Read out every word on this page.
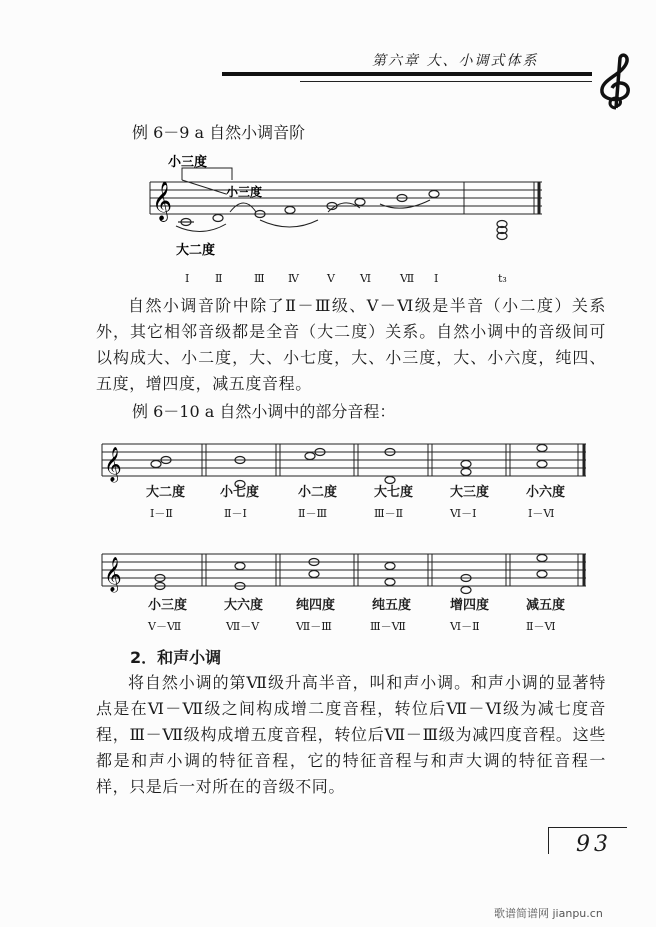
第六章 大、小调式体系
例 6－9 a 自然小调音阶
𝄞
小三度
小三度
大二度
Ⅰ Ⅱ	Ⅲ Ⅳ	Ⅴ Ⅵ	Ⅶ Ⅰ	t₃
自然小调音阶中除了Ⅱ－Ⅲ级、Ⅴ－Ⅵ级是半音（小二度）关系外，其它相邻音级都是全音（大二度）关系。自然小调中的音级间可以构成大、小二度，大、小七度，大、小三度，大、小六度，纯四、五度，增四度，减五度音程。
例 6－10 a 自然小调中的部分音程：
𝄞
大二度	小七度	小二度	大七度	大三度	小六度
Ⅰ－Ⅱ	Ⅱ－Ⅰ	Ⅱ－Ⅲ	Ⅲ－Ⅱ	Ⅵ－Ⅰ	Ⅰ－Ⅵ
𝄞
小三度	大六度	纯四度	纯五度	增四度	减五度
Ⅴ－Ⅶ	Ⅶ－Ⅴ	Ⅶ－Ⅲ	Ⅲ－Ⅶ	Ⅵ－Ⅱ	Ⅱ－Ⅵ
2．和声小调
将自然小调的第Ⅶ级升高半音，叫和声小调。和声小调的显著特点是在Ⅵ－Ⅶ级之间构成增二度音程，转位后Ⅶ－Ⅵ级为减七度音程，Ⅲ－Ⅶ级构成增五度音程，转位后Ⅶ－Ⅲ级为减四度音程。这些都是和声小调的特征音程，它的特征音程与和声大调的特征音程一样，只是后一对所在的音级不同。
93
歌谱简谱网 jianpu.cn
